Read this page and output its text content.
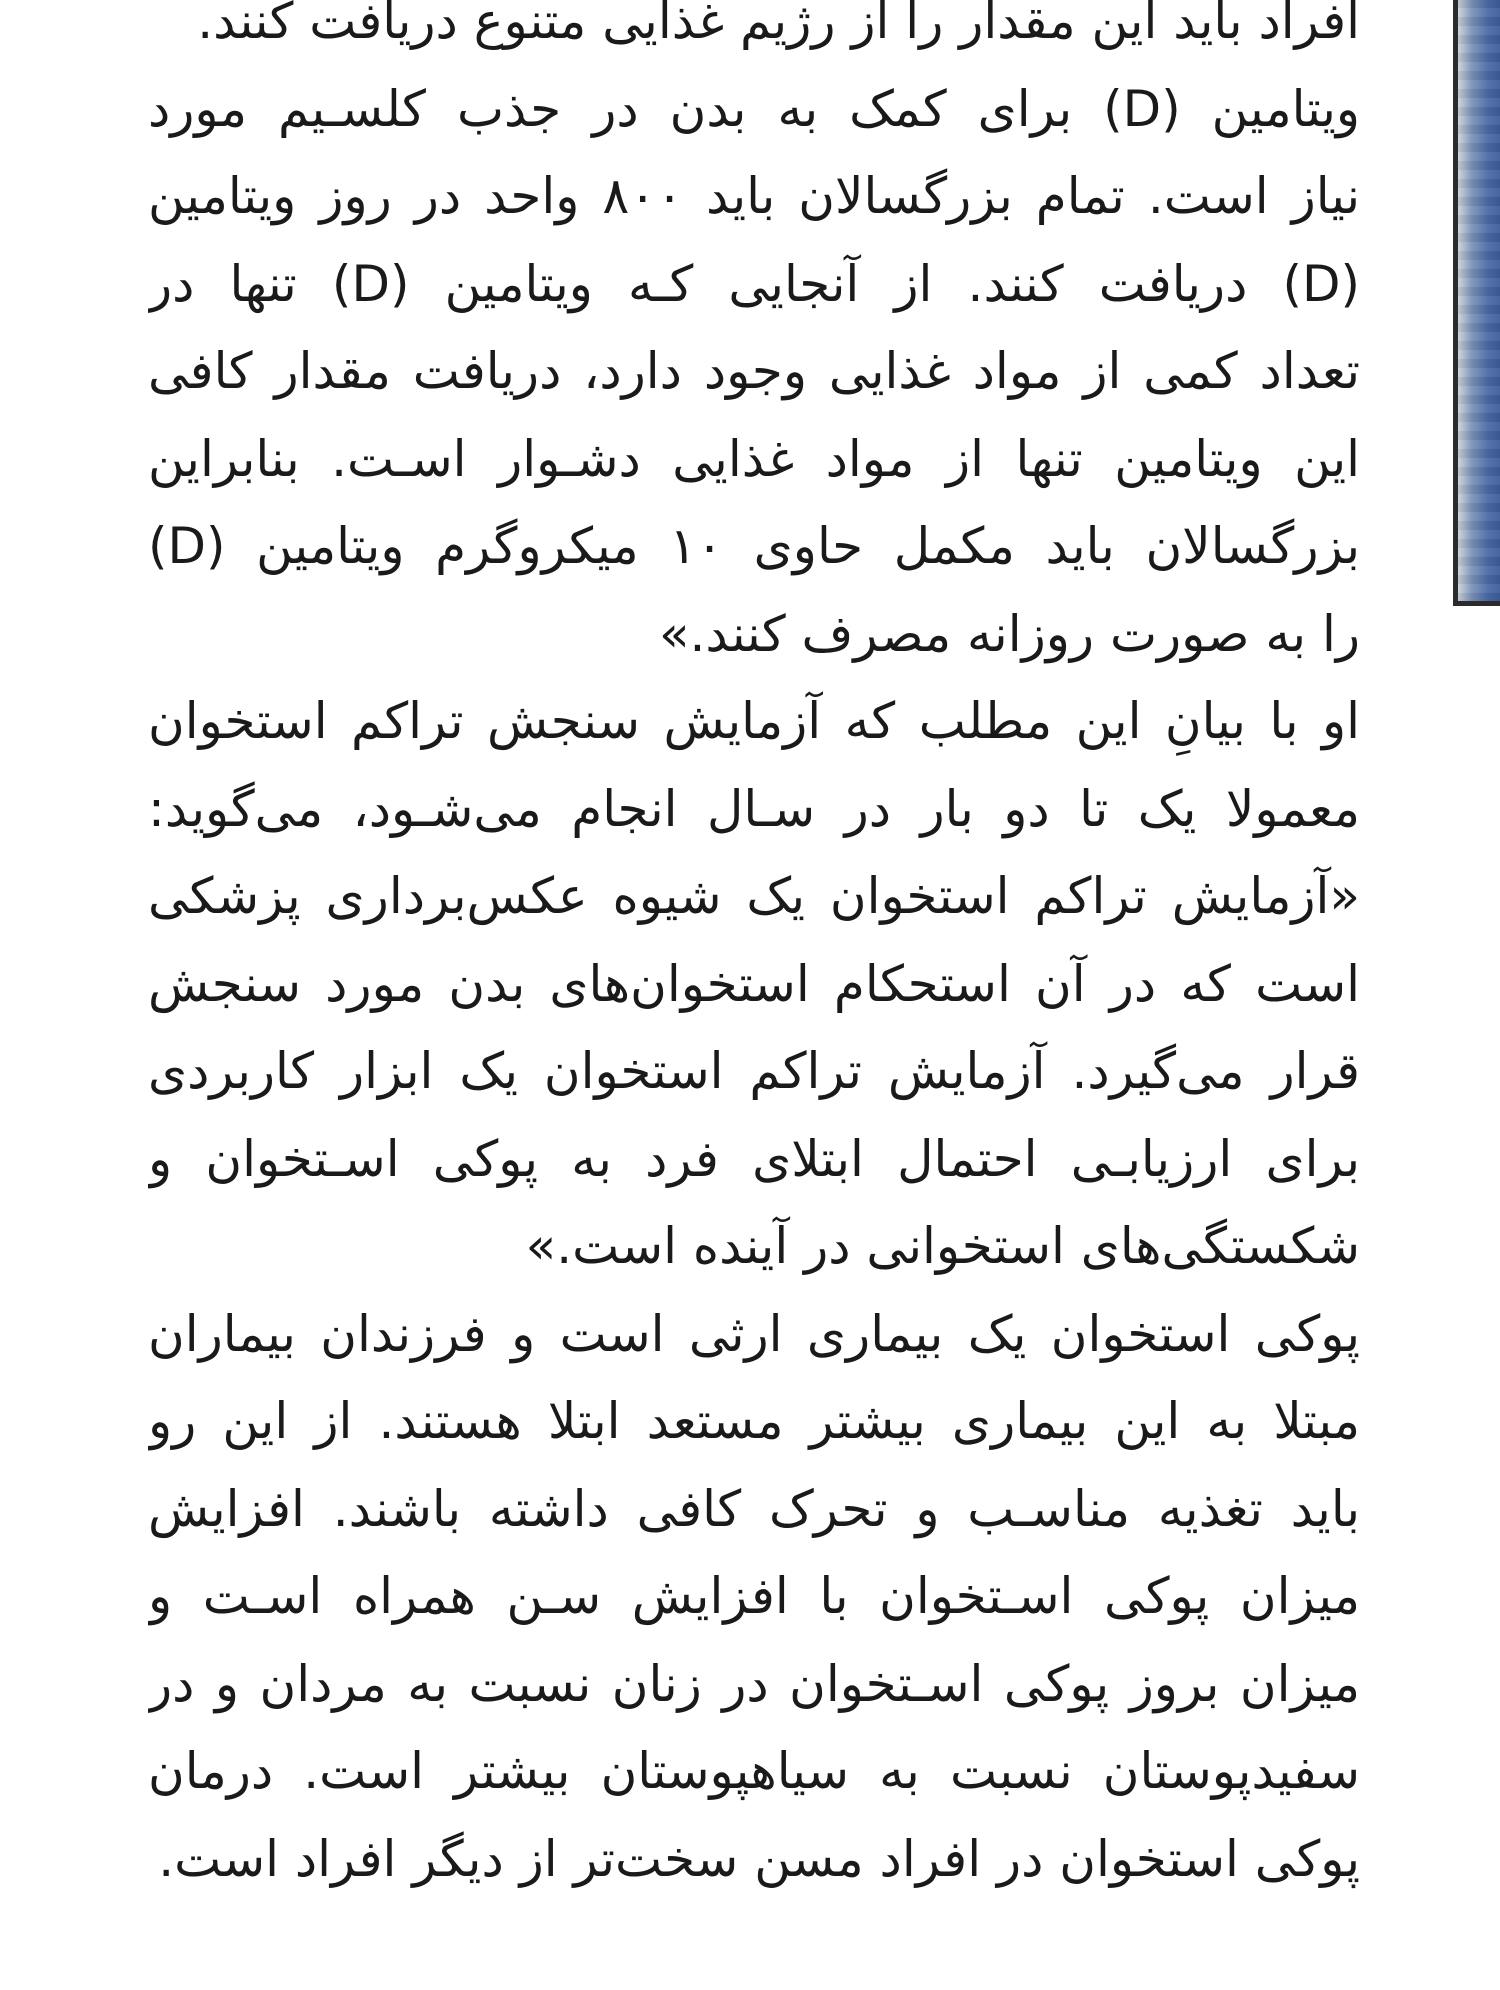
افراد باید این مقدار را از رژیم غذایی متنوع دریافت کنند.
ویتامین (D) برای کمک به بدن در جذب کلسـیم مورد
نیاز است. تمام بزرگسالان باید ۸۰۰ واحد در روز ویتامین
(D) دریافت کنند. از آنجایی کـه ویتامین (D) تنها در
تعداد کمی از مواد غذایی وجود دارد، دریافت مقدار کافی
این ویتامین تنها از مواد غذایی دشـوار اسـت. بنابراین
بزرگسالان باید مکمل حاوی ۱۰ میکروگرم ویتامین (D)
را به صورت روزانه مصرف کنند.»
او با بیانِ این مطلب که آزمایش سنجش تراکم استخوان
معمولا یک تا دو بار در سـال انجام می‌شـود، می‌گوید:
«آزمایش تراکم استخوان یک شیوه عکس‌برداری پزشکی
است که در آن استحکام استخوان‌های بدن مورد سنجش
قرار می‌گیرد. آزمایش تراکم استخوان یک ابزار کاربردی
برای ارزیابـی احتمال ابتلای فرد به پوکی اسـتخوان و
شکستگی‌های استخوانی در آینده است.»
پوکی استخوان یک بیماری ارثی است و فرزندان بیماران
مبتلا به این بیماری بیشتر مستعد ابتلا هستند. از این رو
باید تغذیه مناسـب و تحرک کافی داشته باشند. افزایش
میزان پوکی اسـتخوان با افزایش سـن همراه اسـت و
میزان بروز پوکی اسـتخوان در زنان نسبت به مردان و در
سفیدپوستان نسبت به سیاهپوستان بیشتر است. درمان
پوکی استخوان در افراد مسن سخت‌تر از دیگر افراد است.
